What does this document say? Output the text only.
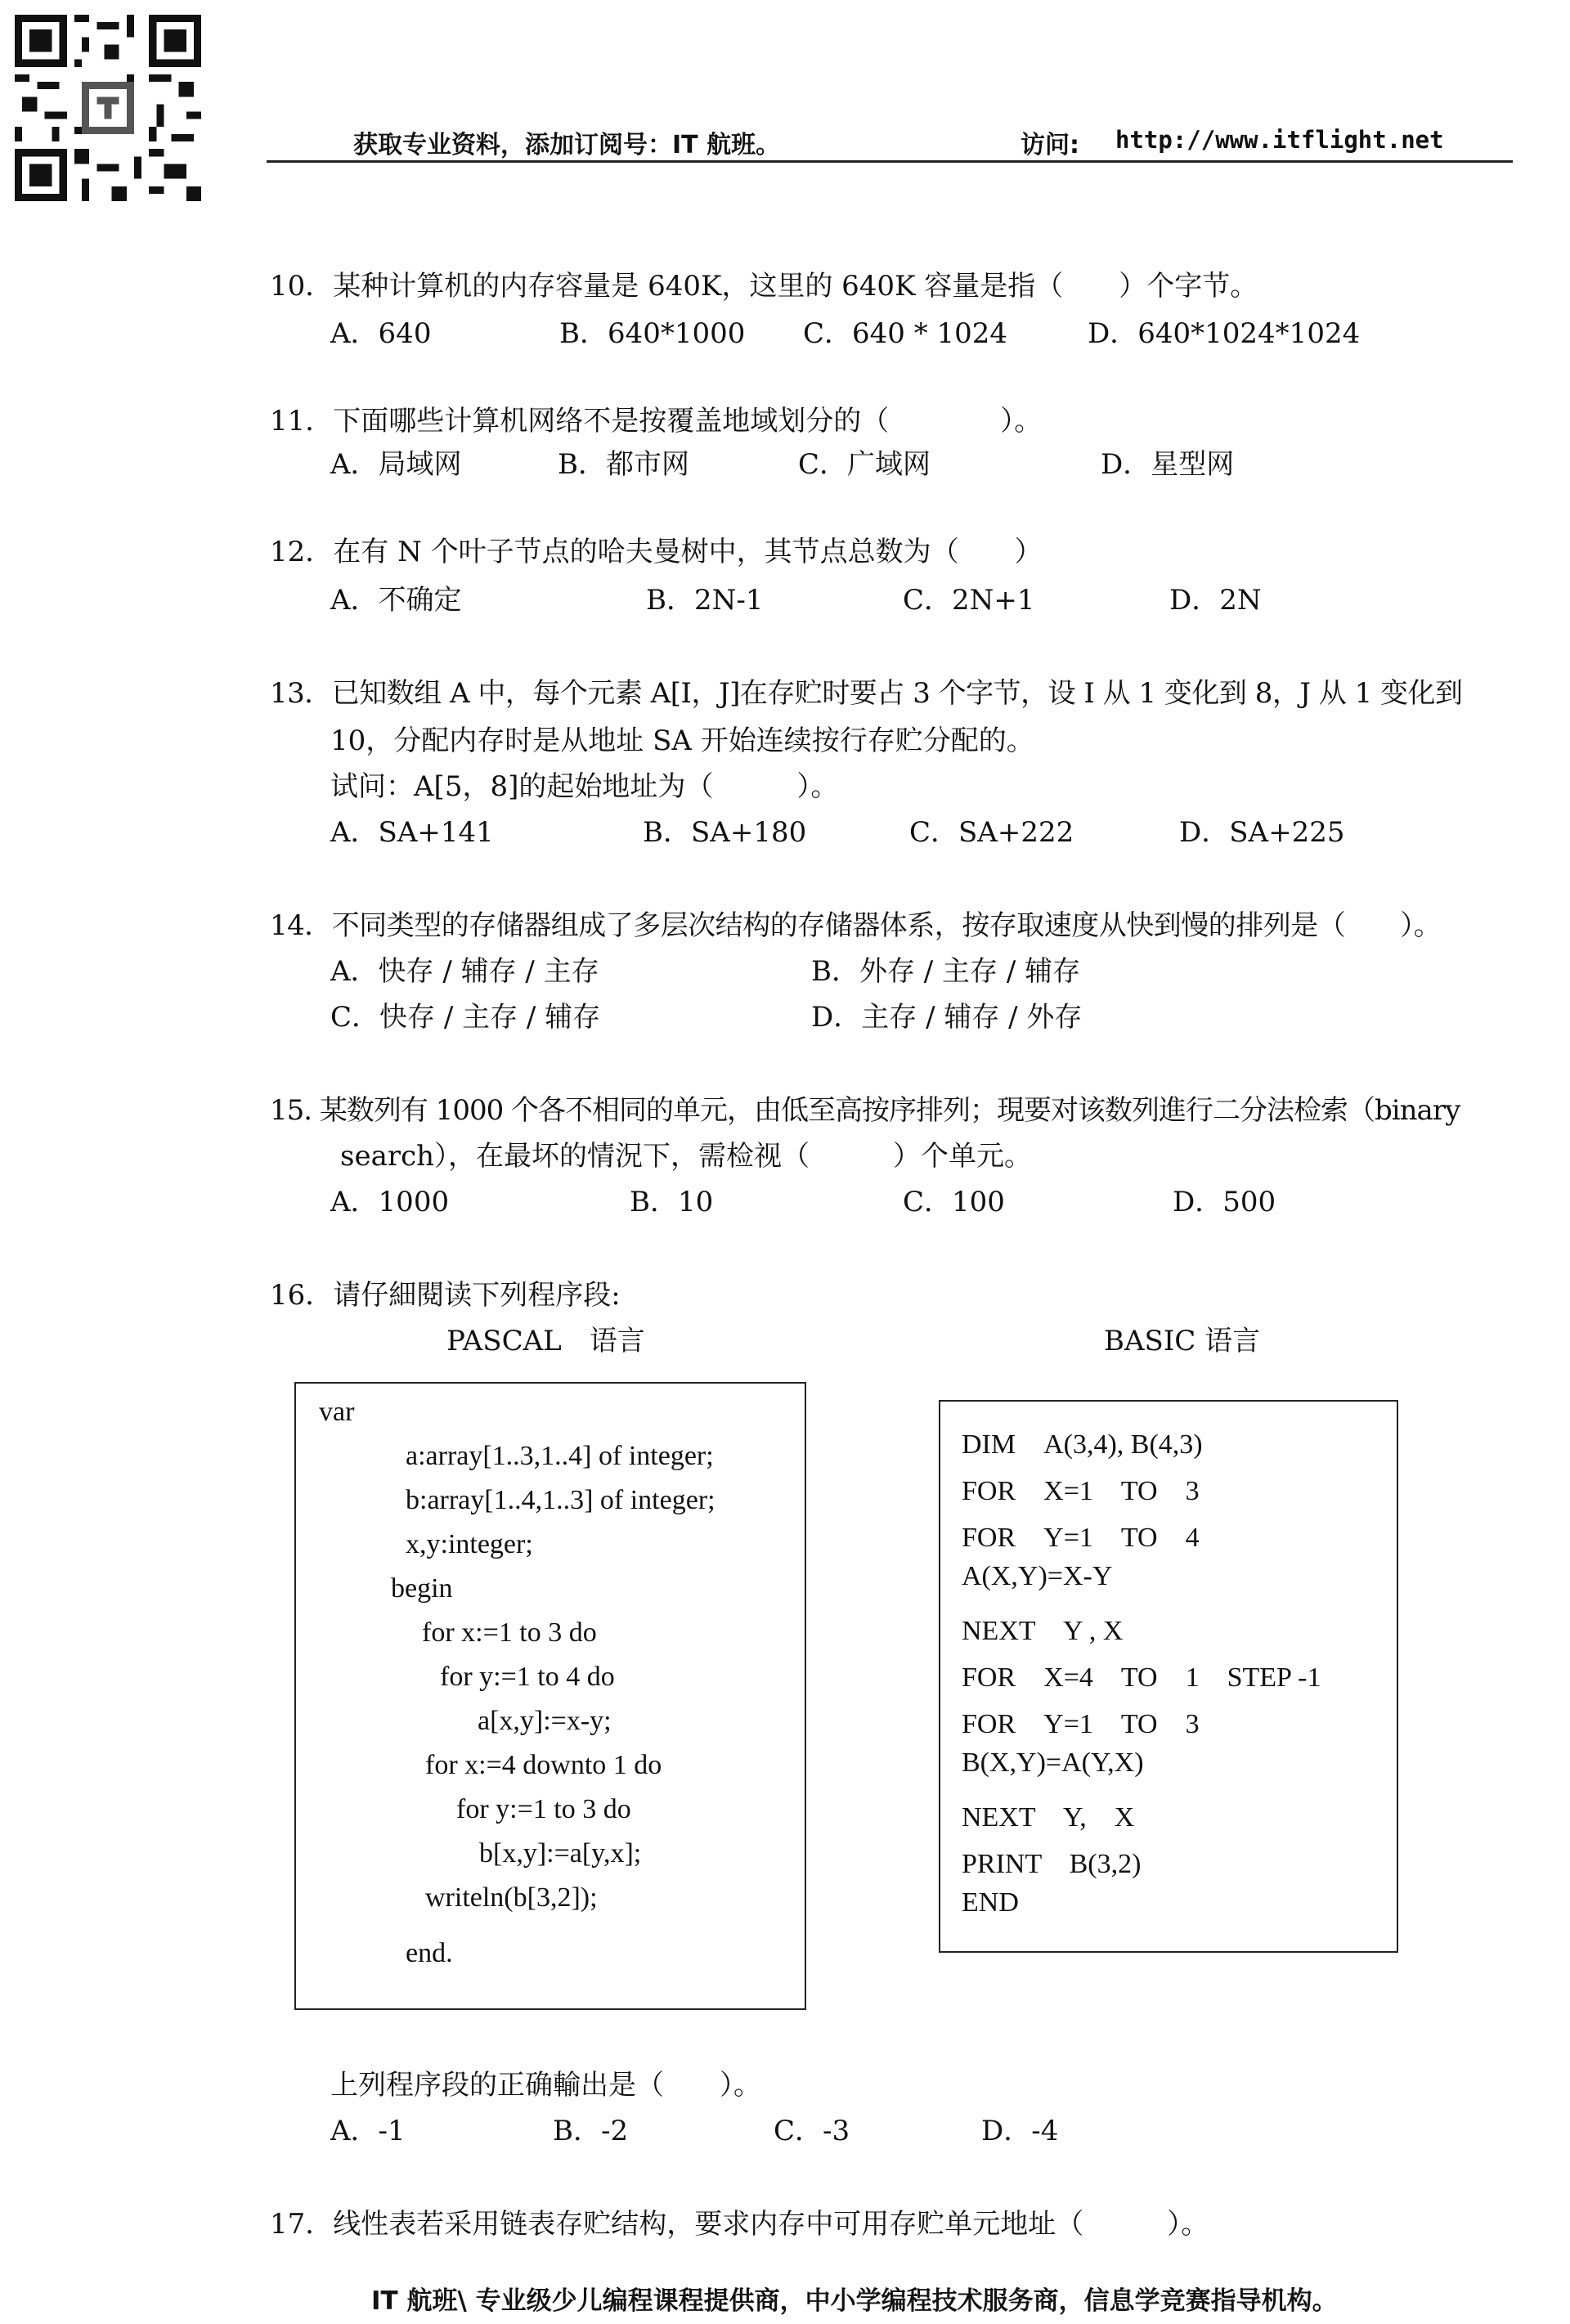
获取专业资料，添加订阅号：IT 航班。	访问: http://www.itflight.net
10．某种计算机的内存容量是 640K，这里的 640K 容量是指（　　）个字节。
A．640	B．640*1000 C．640 * 1024	D．640*1024*1024
11．下面哪些计算机网络不是按覆盖地域划分的（　　　　）。
A．局域网	B．都市网	C．广域网	D．星型网
12．在有 N 个叶子节点的哈夫曼树中，其节点总数为（　　）
A．不确定	B．2N-1	C．2N+1	D．2N
13．已知数组 A 中，每个元素 A[I，J]在存贮时要占 3 个字节，设 I 从 1 变化到 8，J 从 1 变化到
10，分配内存时是从地址 SA 开始连续按行存贮分配的。
试问：A[5，8]的起始地址为（　　　）。
A．SA+141	B．SA+180	C．SA+222	D．SA+225
14．不同类型的存储器组成了多层次结构的存储器体系，按存取速度从快到慢的排列是（　　）。
A．快存 / 辅存 / 主存	B．外存 / 主存 / 辅存
C．快存 / 主存 / 辅存	D．主存 / 辅存 / 外存
15. 某数列有 1000 个各不相同的单元，由低至高按序排列；現要对该数列進行二分法检索（binary
search），在最坏的情況下，需检视（　　　）个单元。
A．1000	B．10	C．100	D．500
16．请仔細閱读下列程序段:
PASCAL　语言	BASIC 语言
var
a:array[1..3,1..4] of integer;
b:array[1..4,1..3] of integer;
x,y:integer;
begin
for x:=1 to 3 do
for y:=1 to 4 do
a[x,y]:=x-y;
for x:=4 downto 1 do
for y:=1 to 3 do
b[x,y]:=a[y,x];
writeln(b[3,2]);
end.
DIM　A(3,4), B(4,3)
FOR　X=1　TO　3
FOR　Y=1　TO　4
A(X,Y)=X-Y
NEXT　Y , X
FOR　X=4　TO　1　STEP -1
FOR　Y=1　TO　3
B(X,Y)=A(Y,X)
NEXT　Y,　X
PRINT　B(3,2)
END
上列程序段的正确輸出是（　　）。
A．-1	B．-2	C．-3	D．-4
17．线性表若采用链表存贮结构，要求内存中可用存贮单元地址（　　　）。
IT 航班\ 专业级少儿编程课程提供商，中小学编程技术服务商，信息学竞赛指导机构。
